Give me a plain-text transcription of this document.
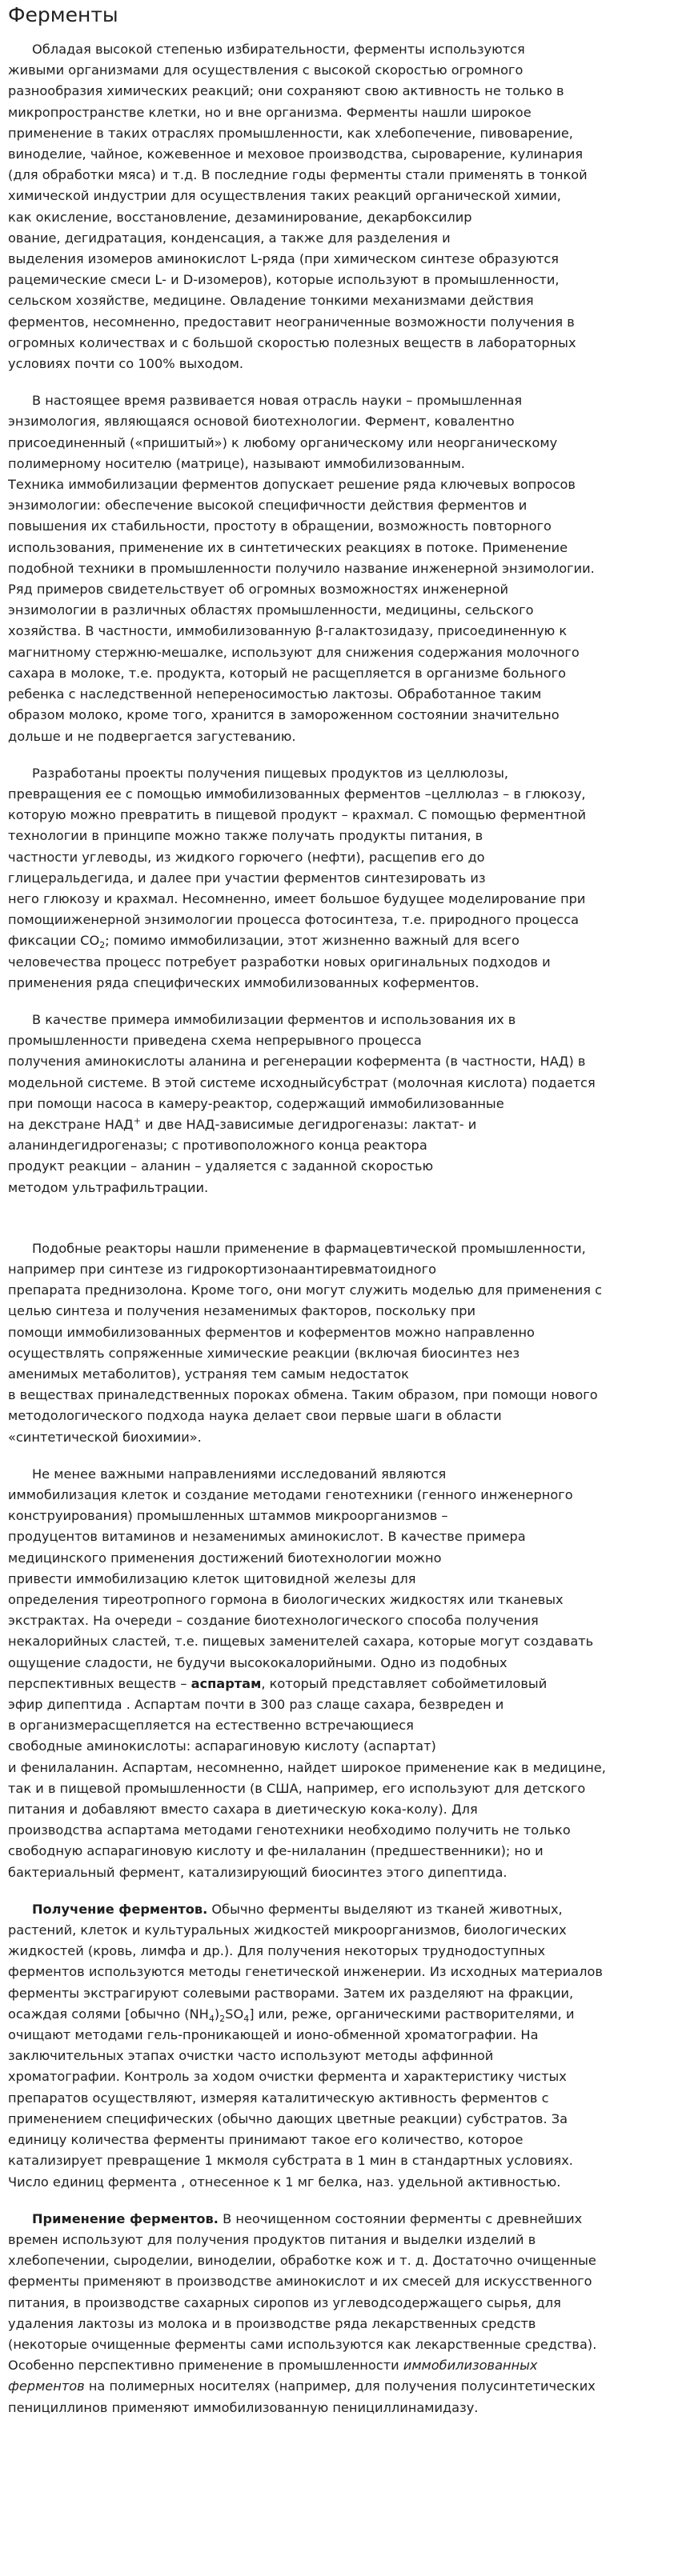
Ферменты

Обладая высокой степенью избирательности, ферменты используются
живыми организмами для осуществления с высокой скоростью огромного
разнообразия химических реакций; они сохраняют свою активность не только в
микропространстве клетки, но и вне организма. Ферменты нашли широкое
применение в таких отраслях промышленности, как хлебопечение, пивоварение,
виноделие, чайное, кожевенное и меховое производства, сыроварение, кулинария
(для обработки мяса) и т.д. В последние годы ферменты стали применять в тонкой
химической индустрии для осуществления таких реакций органической химии,
как окисление, восстановление, дезаминирование, декарбоксилир
ование, дегидратация, конденсация, а также для разделения и
выделения изомеров аминокислот L-ряда (при химическом синтезе образуются
рацемические смеси L- и D-изомеров), которые используют в промышленности,
сельском хозяйстве, медицине. Овладение тонкими механизмами действия
ферментов, несомненно, предоставит неограниченные возможности получения в
огромных количествах и с большой скоростью полезных веществ в лабораторных
условиях почти со 100% выходом.

В настоящее время развивается новая отрасль науки – промышленная
энзимология, являющаяся основой биотехнологии. Фермент, ковалентно
присоединенный («пришитый») к любому органическому или неорганическому
полимерному носителю (матрице), называют иммобилизованным.
Техника иммобилизации ферментов допускает решение ряда ключевых вопросов
энзимологии: обеспечение высокой специфичности действия ферментов и
повышения их стабильности, простоту в обращении, возможность повторного
использования, применение их в синтетических реакциях в потоке. Применение
подобной техники в промышленности получило название инженерной энзимологии.
Ряд примеров свидетельствует об огромных возможностях инженерной
энзимологии в различных областях промышленности, медицины, сельского
хозяйства. В частности, иммобилизованную β-галактозидазу, присоединенную к
магнитному стержню-мешалке, используют для снижения содержания молочного
сахара в молоке, т.е. продукта, который не расщепляется в организме больного
ребенка с наследственной непереносимостью лактозы. Обработанное таким
образом молоко, кроме того, хранится в замороженном состоянии значительно
дольше и не подвергается загустеванию.

Разработаны проекты получения пищевых продуктов из целлюлозы,
превращения ее с помощью иммобилизованных ферментов –целлюлаз – в глюкозу,
которую можно превратить в пищевой продукт – крахмал. С помощью ферментной
технологии в принципе можно также получать продукты питания, в
частности углеводы, из жидкого горючего (нефти), расщепив его до
глицеральдегида, и далее при участии ферментов синтезировать из
него глюкозу и крахмал. Несомненно, имеет большое будущее моделирование при
помощииженерной энзимологии процесса фотосинтеза, т.е. природного процесса
фиксации $CO_2$; помимо иммобилизации, этот жизненно важный для всего
человечества процесс потребует разработки новых оригинальных подходов и
применения ряда специфических иммобилизованных коферментов.

В качестве примера иммобилизации ферментов и использования их в
промышленности приведена схема непрерывного процесса
получения аминокислоты аланина и регенерации кофермента (в частности, НАД) в
модельной системе. В этой системе исходныйсубстрат (молочная кислота) подается
при помощи насоса в камеру-реактор, содержащий иммобилизованные
на декстране НАД+ и две НАД-зависимые дегидрогеназы: лактат- и
аланиндегидрогеназы; с противоположного конца реактора
продукт реакции – аланин – удаляется с заданной скоростью
методом ультрафильтрации.

Подобные реакторы нашли применение в фармацевтической промышленности,
например при синтезе из гидрокортизонаантиревматоидного
препарата преднизолона. Кроме того, они могут служить моделью для применения с
целью синтеза и получения незаменимых факторов, поскольку при
помощи иммобилизованных ферментов и коферментов можно направленно
осуществлять сопряженные химические реакции (включая биосинтез нез
аменимых метаболитов), устраняя тем самым недостаток
в веществах приналедственных пороках обмена. Таким образом, при помощи нового
методологического подхода наука делает свои первые шаги в области
«синтетической биохимии».

Не менее важными направлениями исследований являются
иммобилизация клеток и создание методами генотехники (генного инженерного
конструирования) промышленных штаммов микроорганизмов –
продуцентов витаминов и незаменимых аминокислот. В качестве примера
медицинского применения достижений биотехнологии можно
привести иммобилизацию клеток щитовидной железы для
определения тиреотропного гормона в биологических жидкостях или тканевых
экстрактах. На очереди – создание биотехнологического способа получения
некалорийных сластей, т.е. пищевых заменителей сахара, которые могут создавать
ощущение сладости, не будучи высококалорийными. Одно из подобных
перспективных веществ – аспартам, который представляет собойметиловый
эфир дипептида . Аспартам почти в 300 раз слаще сахара, безвреден и
в организмерасщепляется на естественно встречающиеся
свободные аминокислоты: аспарагиновую кислоту (аспартат)
и фенилаланин. Аспартам, несомненно, найдет широкое применение как в медицине,
так и в пищевой промышленности (в США, например, его используют для детского
питания и добавляют вместо сахара в диетическую кока-колу). Для
производства аспартама методами генотехники необходимо получить не только
свободную аспарагиновую кислоту и фе-нилаланин (предшественники); но и
бактериальный фермент, катализирующий биосинтез этого дипептида.

Получение ферментов. Обычно ферменты выделяют из тканей животных,
растений, клеток и культуральных жидкостей микроорганизмов, биологических
жидкостей (кровь, лимфа и др.). Для получения некоторых труднодоступных
ферментов используются методы генетической инженерии. Из исходных материалов
ферменты экстрагируют солевыми растворами. Затем их разделяют на фракции,
осаждая солями [обычно $(NH_4)_2SO_4$] или, реже, органическими растворителями, и
очищают методами гель-проникающей и ионо-обменной хроматографии. На
заключительных этапах очистки часто используют методы аффинной
хроматографии. Контроль за ходом очистки фермента и характеристику чистых
препаратов осуществляют, измеряя каталитическую активность ферментов с
применением специфических (обычно дающих цветные реакции) субстратов. За
единицу количества ферменты принимают такое его количество, которое
катализирует превращение 1 мкмоля субстрата в 1 мин в стандартных условиях.
Число единиц ферментa , отнесенное к 1 мг белка, наз. удельной активностью.

Применение ферментов. В неочищенном состоянии ферменты с древнейших
времен используют для получения продуктов питания и выделки изделий в
хлебопечении, сыроделии, виноделии, обработке кож и т. д. Достаточно очищенные
ферменты применяют в производстве аминокислот и их смесей для искусственного
питания, в производстве сахарных сиропов из углеводсодержащего сырья, для
удаления лактозы из молока и в производстве ряда лекарственных средств
(некоторые очищенные ферменты сами используются как лекарственные средства).
Особенно перспективно применение в промышленности иммобилизованных
ферментов на полимерных носителях (например, для получения полусинтетических
пенициллинов применяют иммобилизованную пенициллинамидазу.
